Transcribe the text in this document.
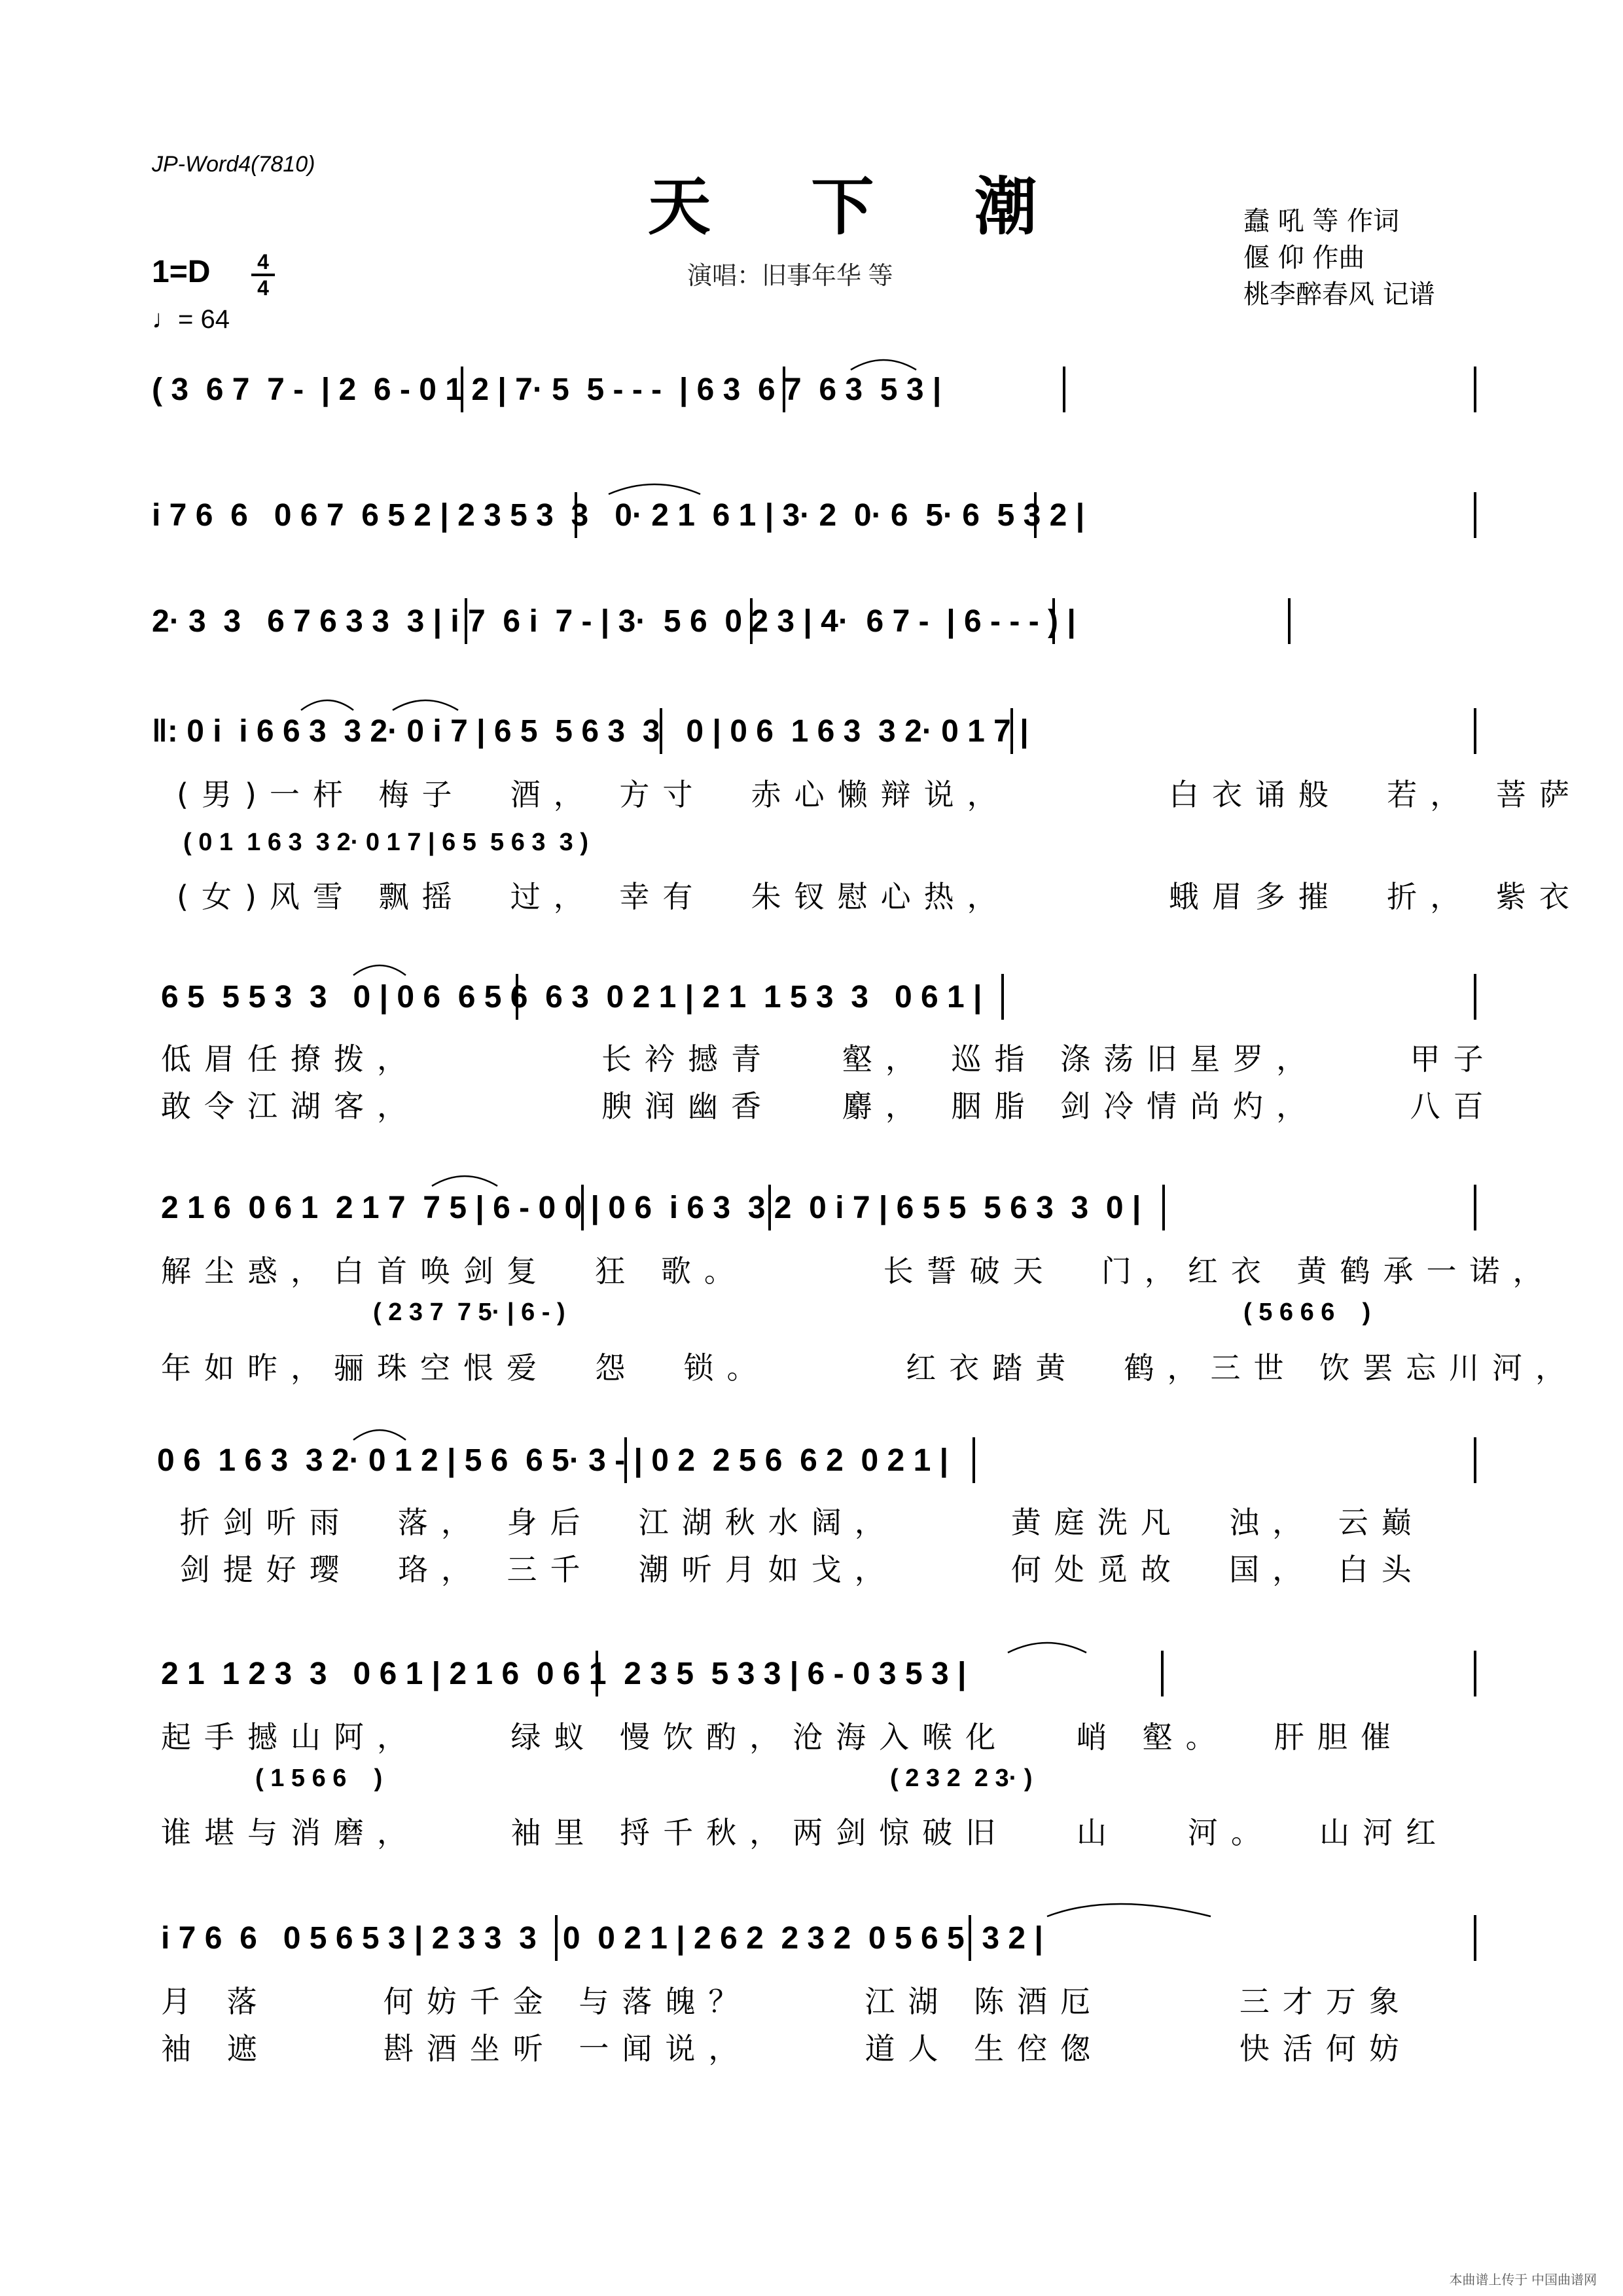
JP-Word4(7810)
天 下 潮
1=D 4
4
♩= 64
演唱：旧事年华 等
蠢 吼 等 作词
偃 仰 作曲
桃李醉春风 记谱
( 3  6 7  7 -  | 2  6 - 0 1 2 | 7· 5  5 - - -  | 6 3  6 7  6 3  5 3 |
i 7 6  6   0 6 7  6 5 2 | 2 3 5 3  3   0· 2 1  6 1 | 3· 2  0· 6  5· 6  5 3 2 |
2· 3  3   6 7 6 3 3  3 | i 7  6 i  7 - | 3·  5 6  0 2 3 | 4·  6 7 -  | 6 - - - ) |
‖: 0 i  i 6 6 3  3 2· 0 i 7 | 6 5  5 6 3  3   0 | 0 6  1 6 3  3 2· 0 1 7 |
(男)一杆 梅子  酒， 方寸  赤心懒辩说，       白衣诵般  若， 菩萨
( 0 1  1 6 3  3 2· 0 1 7 | 6 5  5 6 3  3 )
(女)风雪 飘摇  过， 幸有  朱钗慰心热，       蛾眉多摧  折， 紫衣
6 5  5 5 3  3   0 | 0 6  6 5 6  6 3  0 2 1 | 2 1  1 5 3  3   0 6 1 |
低眉任撩拨，        长衿撼青   壑， 巡指 涤荡旧星罗，    甲子
敢令江湖客，        腴润幽香   麝， 胭脂 剑冷情尚灼，    八百
2 1 6  0 6 1  2 1 7  7 5 | 6 - 0 0 | 0 6  i 6 3  3 2  0 i 7 | 6 5 5  5 6 3  3  0 |
解尘惑，白首唤剑复  狂 歌。      长誓破天  门，红衣 黄鹤承一诺，
( 2 3 7  7 5· | 6 - )	( 5 6 6 6    )
年如昨，骊珠空恨爱  怨  锁。      红衣踏黄  鹤，三世 饮罢忘川河，
0 6  1 6 3  3 2· 0 1 2 | 5 6  6 5· 3 - | 0 2  2 5 6  6 2  0 2 1 |
折剑听雨  落， 身后  江湖秋水阔，     黄庭洗凡  浊， 云巅
剑提好璎  珞， 三千  潮听月如戈，     何处觅故  国， 白头
2 1  1 2 3  3   0 6 1 | 2 1 6  0 6 1  2 3 5  5 3 3 | 6 - 0 3 5 3 |
起手撼山阿，    绿蚁 慢饮酌，沧海入喉化   峭 壑。  肝胆催
( 1 5 6 6    )	( 2 3 2  2 3· )
谁堪与消磨，    袖里 捋千秋，两剑惊破旧   山   河。  山河红
i 7 6  6   0 5 6 5 3 | 2 3 3  3   0  0 2 1 | 2 6 2  2 3 2  0 5 6 5  3 2 |
月 落     何妨千金 与落魄？     江湖 陈酒厄      三才万象
袖 遮     斟酒坐听 一闻说，     道人 生倥偬      快活何妨
本曲谱上传于 中国曲谱网
